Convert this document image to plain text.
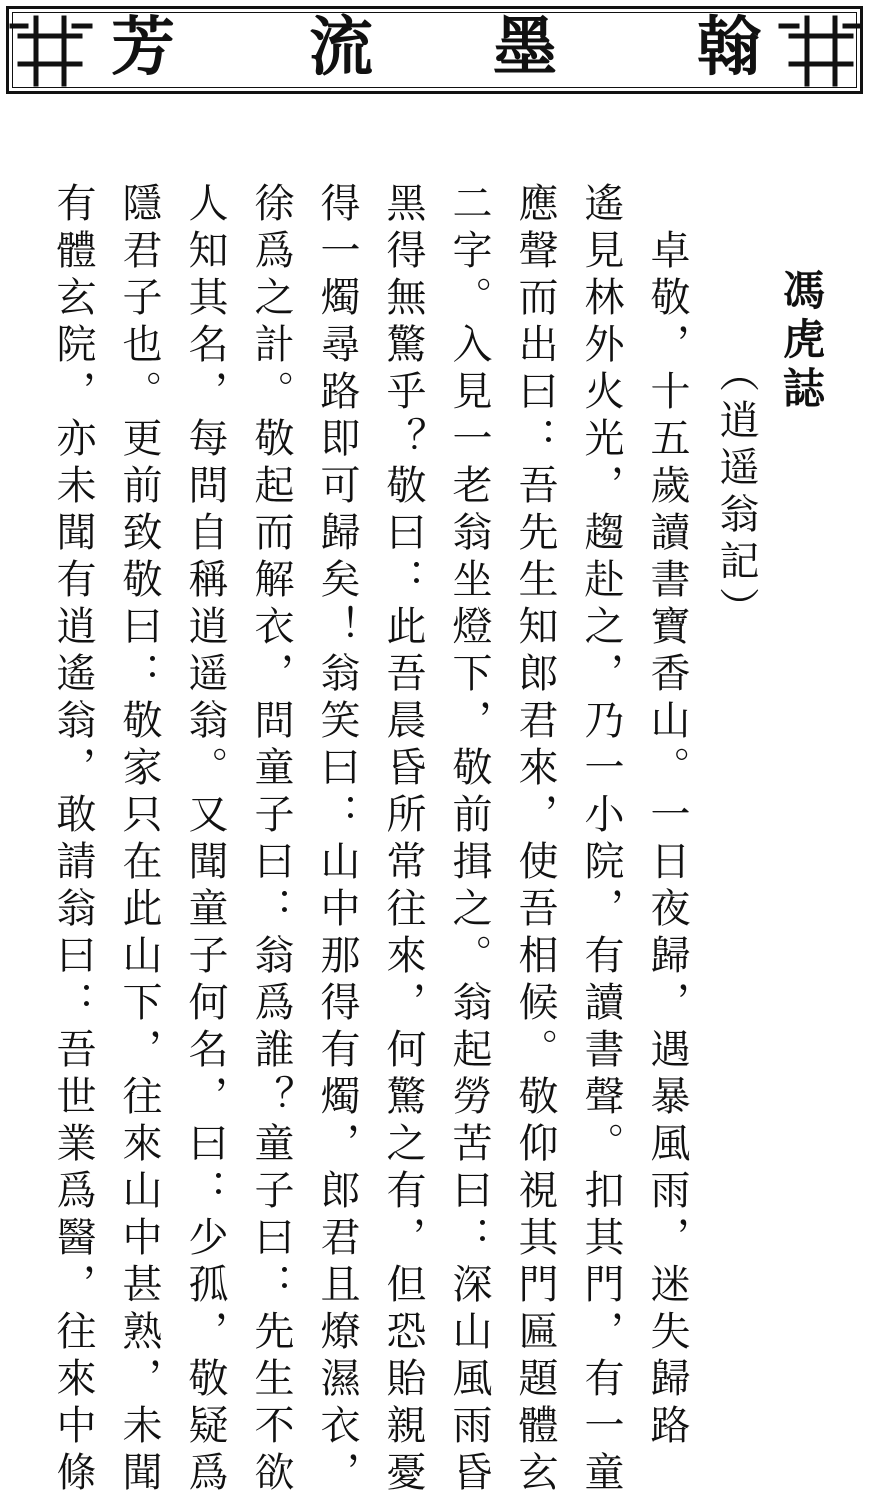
翰
墨
流
芳
馮虎誌
（逍遥翁記）
　卓敬，十五歲讀書寶香山。一日夜歸，遇暴風雨，迷失歸路
遙見林外火光，趨赴之，乃一小院，有讀書聲。扣其門，有一童
應聲而出曰：吾先生知郎君來，使吾相候。敬仰視其門匾題體玄
二字。入見一老翁坐燈下，敬前揖之。翁起勞苦曰：深山風雨昏
黑得無驚乎？敬曰：此吾晨昏所常往來，何驚之有，但恐貽親憂
得一燭尋路即可歸矣！翁笑曰：山中那得有燭，郎君且燎濕衣，
徐爲之計。敬起而解衣，問童子曰：翁爲誰？童子曰：先生不欲
人知其名，每問自稱逍遥翁。又聞童子何名，曰：少孤，敬疑爲
隱君子也。更前致敬曰：敬家只在此山下，往來山中甚熟，未聞
有體玄院，亦未聞有逍遙翁，敢請翁曰：吾世業爲醫，往來中條
